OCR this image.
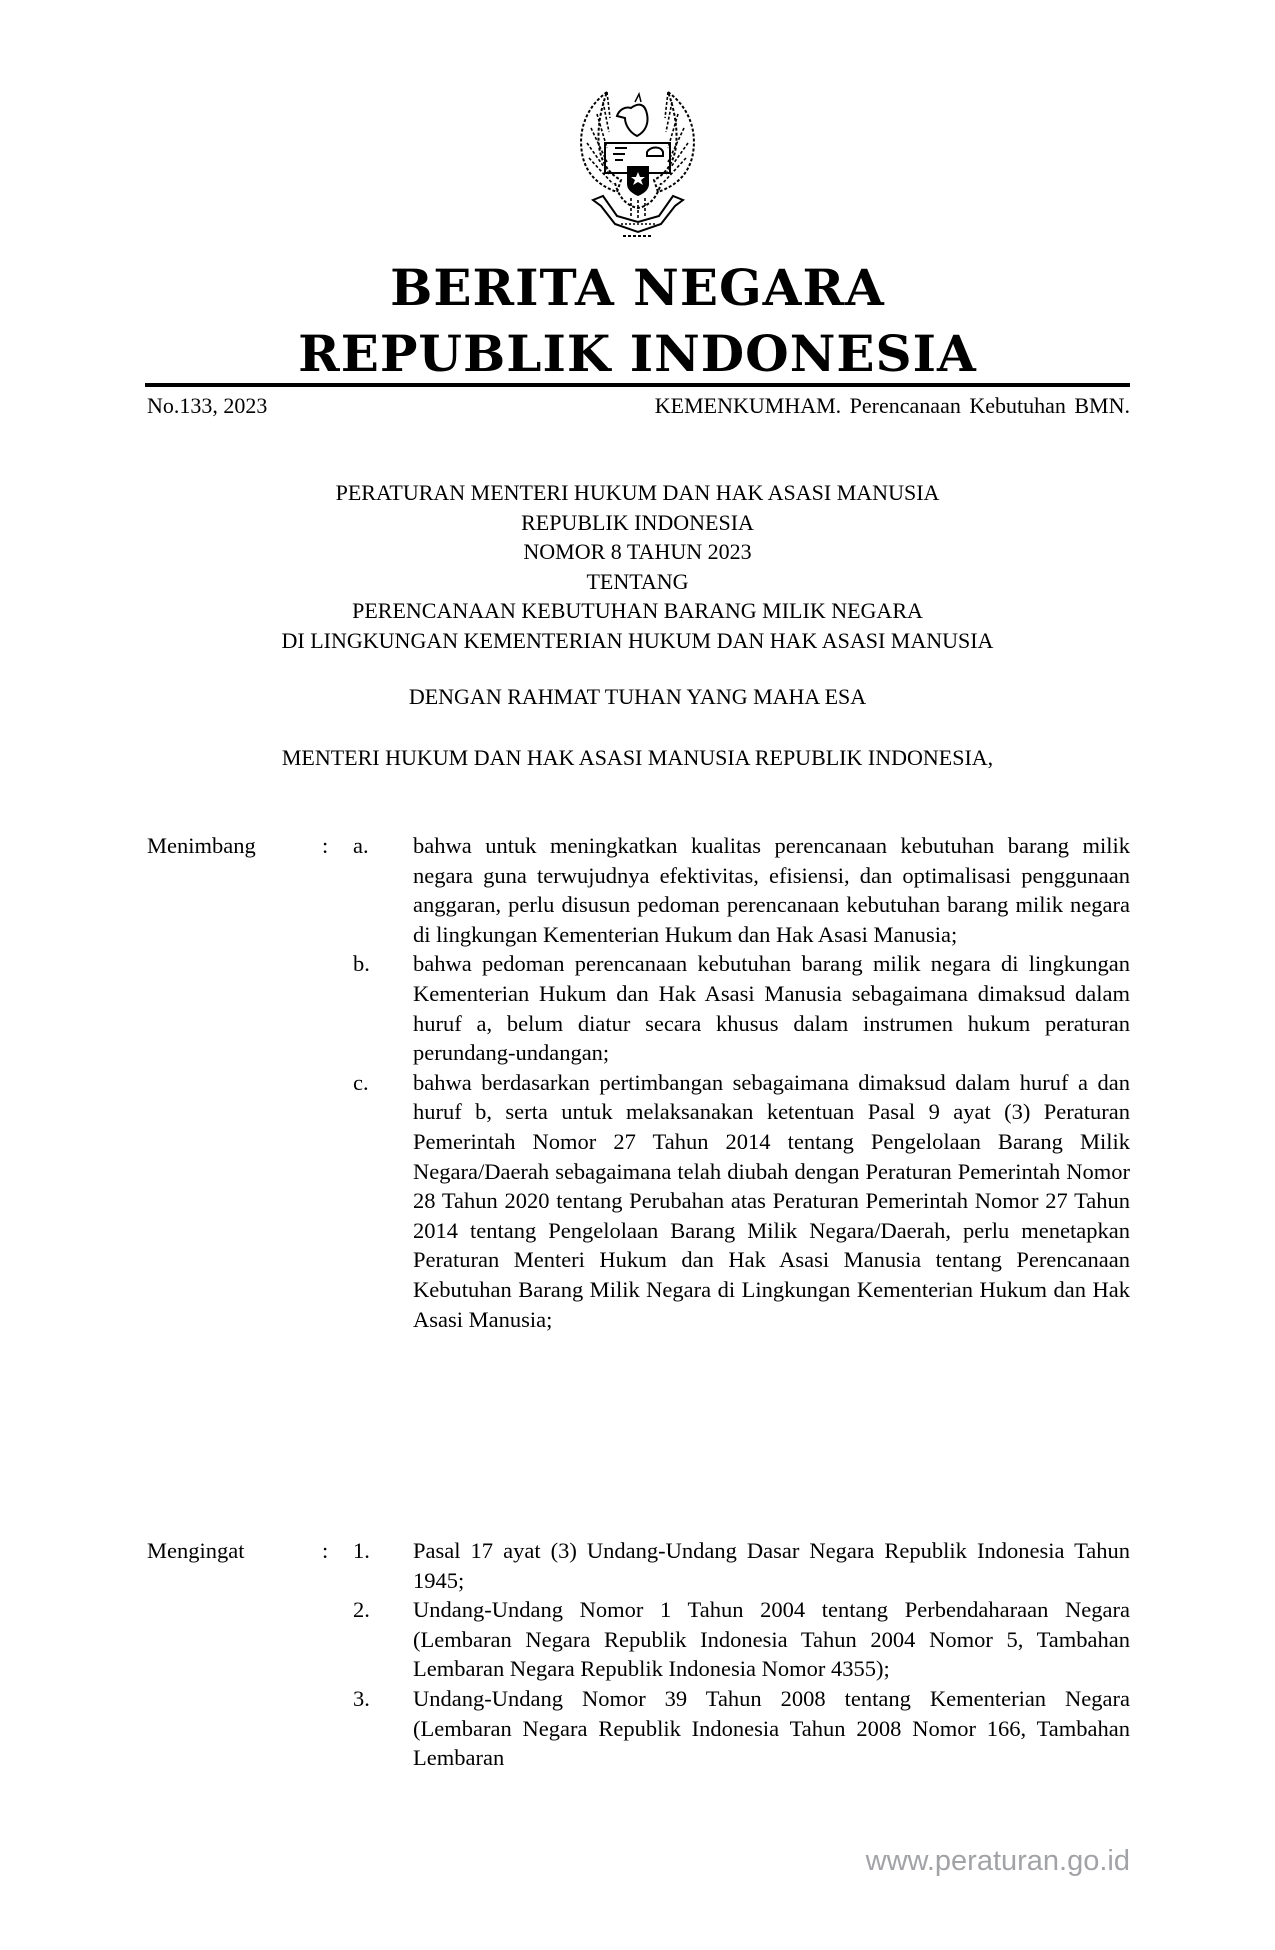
BERITA NEGARA
REPUBLIK INDONESIA
No.133, 2023	KEMENKUMHAM. Perencanaan Kebutuhan BMN.
PERATURAN MENTERI HUKUM DAN HAK ASASI MANUSIA
REPUBLIK INDONESIA
NOMOR 8 TAHUN 2023
TENTANG
PERENCANAAN KEBUTUHAN BARANG MILIK NEGARA
DI LINGKUNGAN KEMENTERIAN HUKUM DAN HAK ASASI MANUSIA
DENGAN RAHMAT TUHAN YANG MAHA ESA
MENTERI HUKUM DAN HAK ASASI MANUSIA REPUBLIK INDONESIA,
Menimbang	: a. bahwa untuk meningkatkan kualitas perencanaan kebutuhan barang milik negara guna terwujudnya efektivitas, efisiensi, dan optimalisasi penggunaan anggaran, perlu disusun pedoman perencanaan kebutuhan barang milik negara di lingkungan Kementerian Hukum dan Hak Asasi Manusia;
b. bahwa pedoman perencanaan kebutuhan barang milik negara di lingkungan Kementerian Hukum dan Hak Asasi Manusia sebagaimana dimaksud dalam huruf a, belum diatur secara khusus dalam instrumen hukum peraturan perundang-undangan;
c. bahwa berdasarkan pertimbangan sebagaimana dimaksud dalam huruf a dan huruf b, serta untuk melaksanakan ketentuan Pasal 9 ayat (3) Peraturan Pemerintah Nomor 27 Tahun 2014 tentang Pengelolaan Barang Milik Negara/Daerah sebagaimana telah diubah dengan Peraturan Pemerintah Nomor 28 Tahun 2020 tentang Perubahan atas Peraturan Pemerintah Nomor 27 Tahun 2014 tentang Pengelolaan Barang Milik Negara/Daerah, perlu menetapkan Peraturan Menteri Hukum dan Hak Asasi Manusia tentang Perencanaan Kebutuhan Barang Milik Negara di Lingkungan Kementerian Hukum dan Hak Asasi Manusia;
Mengingat	: 1. Pasal 17 ayat (3) Undang-Undang Dasar Negara Republik Indonesia Tahun 1945;
2. Undang-Undang Nomor 1 Tahun 2004 tentang Perbendaharaan Negara (Lembaran Negara Republik Indonesia Tahun 2004 Nomor 5, Tambahan Lembaran Negara Republik Indonesia Nomor 4355);
3. Undang-Undang Nomor 39 Tahun 2008 tentang Kementerian Negara (Lembaran Negara Republik Indonesia Tahun 2008 Nomor 166, Tambahan Lembaran
www.peraturan.go.id
